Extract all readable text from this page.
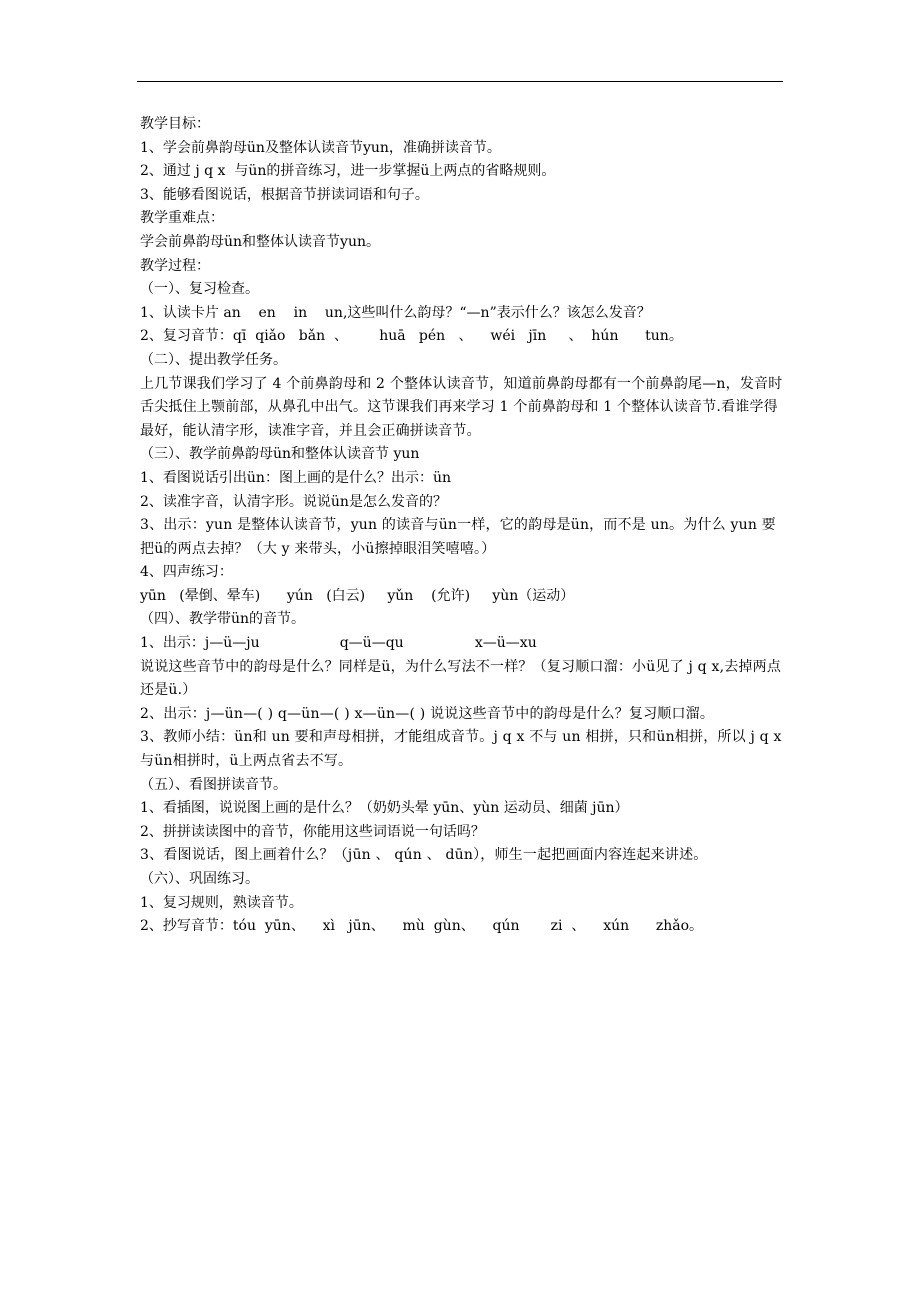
教学目标：
1、学会前鼻韵母ün及整体认读音节yun，准确拼读音节。
2、通过 j q x  与ün的拼音练习，进一步掌握ü上两点的省略规则。
3、能够看图说话，根据音节拼读词语和句子。
教学重难点：
学会前鼻韵母ün和整体认读音节yun。
教学过程：
（一）、复习检查。
1、认读卡片 an    en    in    un,这些叫什么韵母？“—n”表示什么？该怎么发音？
2、复习音节：qī  qiǎo   bǎn  、       huā   pén   、    wéi   jīn     、  hún      tun。
（二）、提出教学任务。
上几节课我们学习了 4 个前鼻韵母和 2 个整体认读音节，知道前鼻韵母都有一个前鼻韵尾—n，发音时舌尖抵住上颚前部，从鼻孔中出气。这节课我们再来学习 1 个前鼻韵母和 1 个整体认读音节.看谁学得最好，能认清字形，读准字音，并且会正确拼读音节。
（三）、教学前鼻韵母ün和整体认读音节 yun
1、看图说话引出ün：图上画的是什么？出示：ün
2、读准字音，认清字形。说说ün是怎么发音的？
3、出示：yun 是整体认读音节，yun 的读音与ün一样，它的韵母是ün，而不是 un。为什么 yun 要把ü的两点去掉？（大 y 来带头，小ü擦掉眼泪笑嘻嘻。）
4、四声练习：
yūn   (晕倒、晕车)      yún   (白云)     yǔn    (允许)     yùn（运动）
（四）、教学带ün的音节。
1、出示：j—ü—ju                  q—ü—qu                x—ü—xu
说说这些音节中的韵母是什么？同样是ü，为什么写法不一样？（复习顺口溜：小ü见了 j q x,去掉两点还是ü.）
2、出示：j—ün—( ) q—ün—( ) x—ün—( ) 说说这些音节中的韵母是什么？复习顺口溜。
3、教师小结：ün和 un 要和声母相拼，才能组成音节。j q x 不与 un 相拼，只和ün相拼，所以 j q x 与ün相拼时，ü上两点省去不写。
（五）、看图拼读音节。
1、看插图，说说图上画的是什么？（奶奶头晕 yūn、yùn 运动员、细菌 jūn）
2、拼拼读读图中的音节，你能用这些词语说一句话吗？
3、看图说话，图上画着什么？（jūn 、 qún 、 dūn），师生一起把画面内容连起来讲述。
（六）、巩固练习。
1、复习规则，熟读音节。
2、抄写音节：tóu  yūn、    xì   jūn、    mù  gùn、    qún       zi  、    xún      zhǎo。
